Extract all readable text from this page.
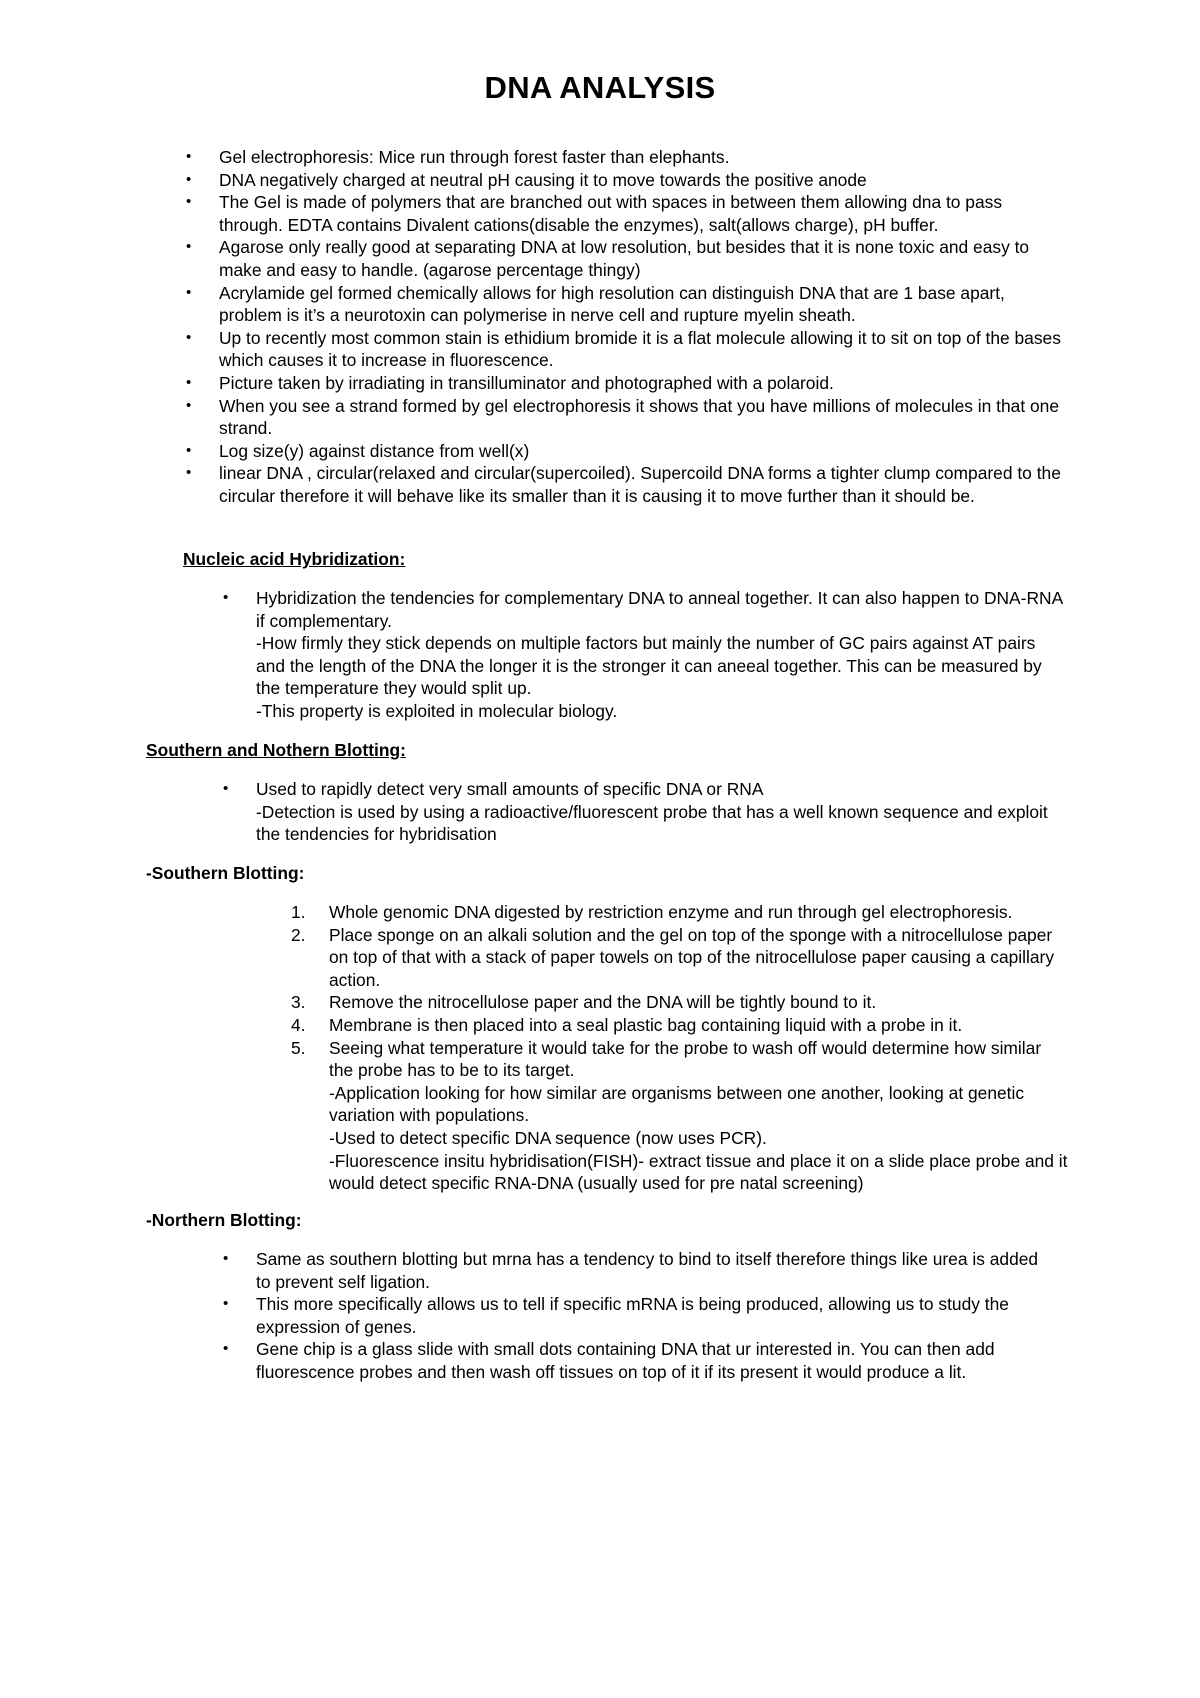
DNA ANALYSIS
• Gel electrophoresis: Mice run through forest faster than elephants.
• DNA negatively charged at neutral pH causing it to move towards the positive anode
• The Gel is made of polymers that are branched out with spaces in between them allowing dna to pass through. EDTA contains Divalent cations(disable the enzymes), salt(allows charge), pH buffer.
• Agarose only really good at separating DNA at low resolution, but besides that it is none toxic and easy to make and easy to handle. (agarose percentage thingy)
• Acrylamide gel formed chemically allows for high resolution can distinguish DNA that are 1 base apart, problem is it’s a neurotoxin can polymerise in nerve cell and rupture myelin sheath.
• Up to recently most common stain is ethidium bromide it is a flat molecule allowing it to sit on top of the bases which causes it to increase in fluorescence.
• Picture taken by irradiating in transilluminator and photographed with a polaroid.
• When you see a strand formed by gel electrophoresis it shows that you have millions of molecules in that one strand.
• Log size(y) against distance from well(x)
• linear DNA , circular(relaxed and circular(supercoiled). Supercoild DNA forms a tighter clump compared to the circular therefore it will behave like its smaller than it is causing it to move further than it should be.

Nucleic acid Hybridization:

• Hybridization the tendencies for complementary DNA to anneal together. It can also happen to DNA-RNA if complementary.
-How firmly they stick depends on multiple factors but mainly the number of GC pairs against AT pairs and the length of the DNA the longer it is the stronger it can aneeal together. This can be measured by the temperature they would split up.
-This property is exploited in molecular biology.

Southern and Nothern Blotting:

• Used to rapidly detect very small amounts of specific DNA or RNA
-Detection is used by using a radioactive/fluorescent probe that has a well known sequence and exploit the tendencies for hybridisation

-Southern Blotting:

1. Whole genomic DNA digested by restriction enzyme and run through gel electrophoresis.
2. Place sponge on an alkali solution and the gel on top of the sponge with a nitrocellulose paper on top of that with a stack of paper towels on top of the nitrocellulose paper causing a capillary action.
3. Remove the nitrocellulose paper and the DNA will be tightly bound to it.
4. Membrane is then placed into a seal plastic bag containing liquid with a probe in it.
5. Seeing what temperature it would take for the probe to wash off would determine how similar the probe has to be to its target.
-Application looking for how similar are organisms between one another, looking at genetic variation with populations.
-Used to detect specific DNA sequence (now uses PCR).
-Fluorescence insitu hybridisation(FISH)- extract tissue and place it on a slide place probe and it would detect specific RNA-DNA (usually used for pre natal screening)

-Northern Blotting:

• Same as southern blotting but mrna has a tendency to bind to itself therefore things like urea is added to prevent self ligation.
• This more specifically allows us to tell if specific mRNA is being produced, allowing us to study the expression of genes.
• Gene chip is a glass slide with small dots containing DNA that ur interested in. You can then add fluorescence probes and then wash off tissues on top of it if its present it would produce a lit.
